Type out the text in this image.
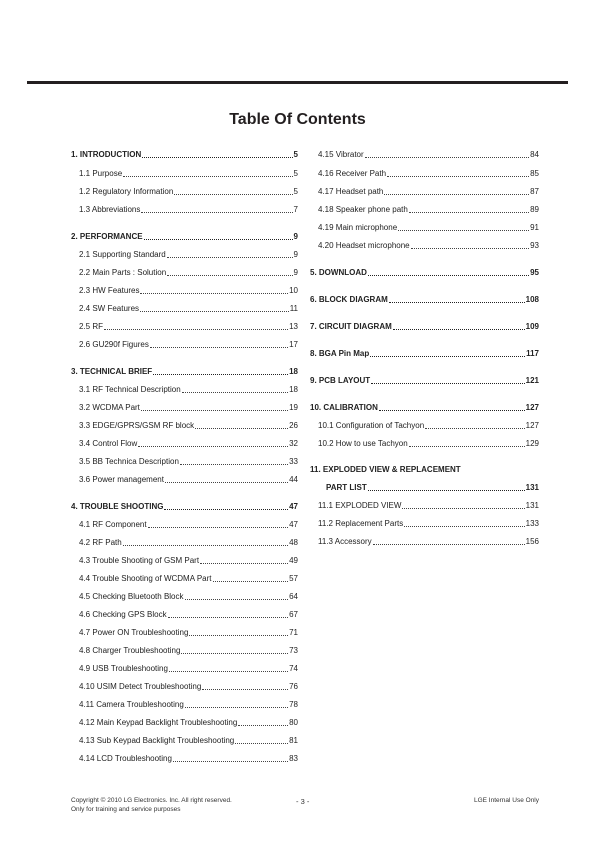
Table Of Contents
1. INTRODUCTION	5
1.1 Purpose	5
1.2 Regulatory Information	5
1.3 Abbreviations	7
2. PERFORMANCE	9
2.1 Supporting Standard	9
2.2 Main Parts : Solution	9
2.3 HW Features	10
2.4 SW Features	11
2.5 RF	13
2.6 GU290f Figures	17
3. TECHNICAL BRIEF	18
3.1 RF Technical Description	18
3.2 WCDMA Part	19
3.3 EDGE/GPRS/GSM RF block	26
3.4 Control Flow	32
3.5 BB Technica Description	33
3.6 Power management	44
4. TROUBLE SHOOTING	47
4.1 RF Component	47
4.2 RF Path	48
4.3 Trouble Shooting of GSM Part	49
4.4 Trouble Shooting of WCDMA Part	57
4.5 Checking Bluetooth Block	64
4.6 Checking GPS Block	67
4.7 Power ON Troubleshooting	71
4.8 Charger Troubleshooting	73
4.9 USB Troubleshooting	74
4.10 USIM Detect Troubleshooting	76
4.11 Camera Troubleshooting	78
4.12 Main Keypad Backlight Troubleshooting	80
4.13 Sub Keypad Backlight Troubleshooting	81
4.14 LCD Troubleshooting	83
4.15 Vibrator	84
4.16 Receiver Path	85
4.17 Headset path	87
4.18 Speaker phone path	89
4.19 Main microphone	91
4.20 Headset microphone	93
5. DOWNLOAD	95
6. BLOCK DIAGRAM	108
7. CIRCUIT DIAGRAM	109
8. BGA Pin Map	117
9. PCB LAYOUT	121
10. CALIBRATION	127
10.1 Configuration of Tachyon	127
10.2 How to use Tachyon	129
11. EXPLODED VIEW & REPLACEMENT
PART LIST	131
11.1 EXPLODED VIEW	131
11.2 Replacement Parts	133
11.3 Accessory	156
Copyright © 2010 LG Electronics. Inc. All right reserved.
Only for training and service purposes
- 3 -	LGE Internal Use Only
